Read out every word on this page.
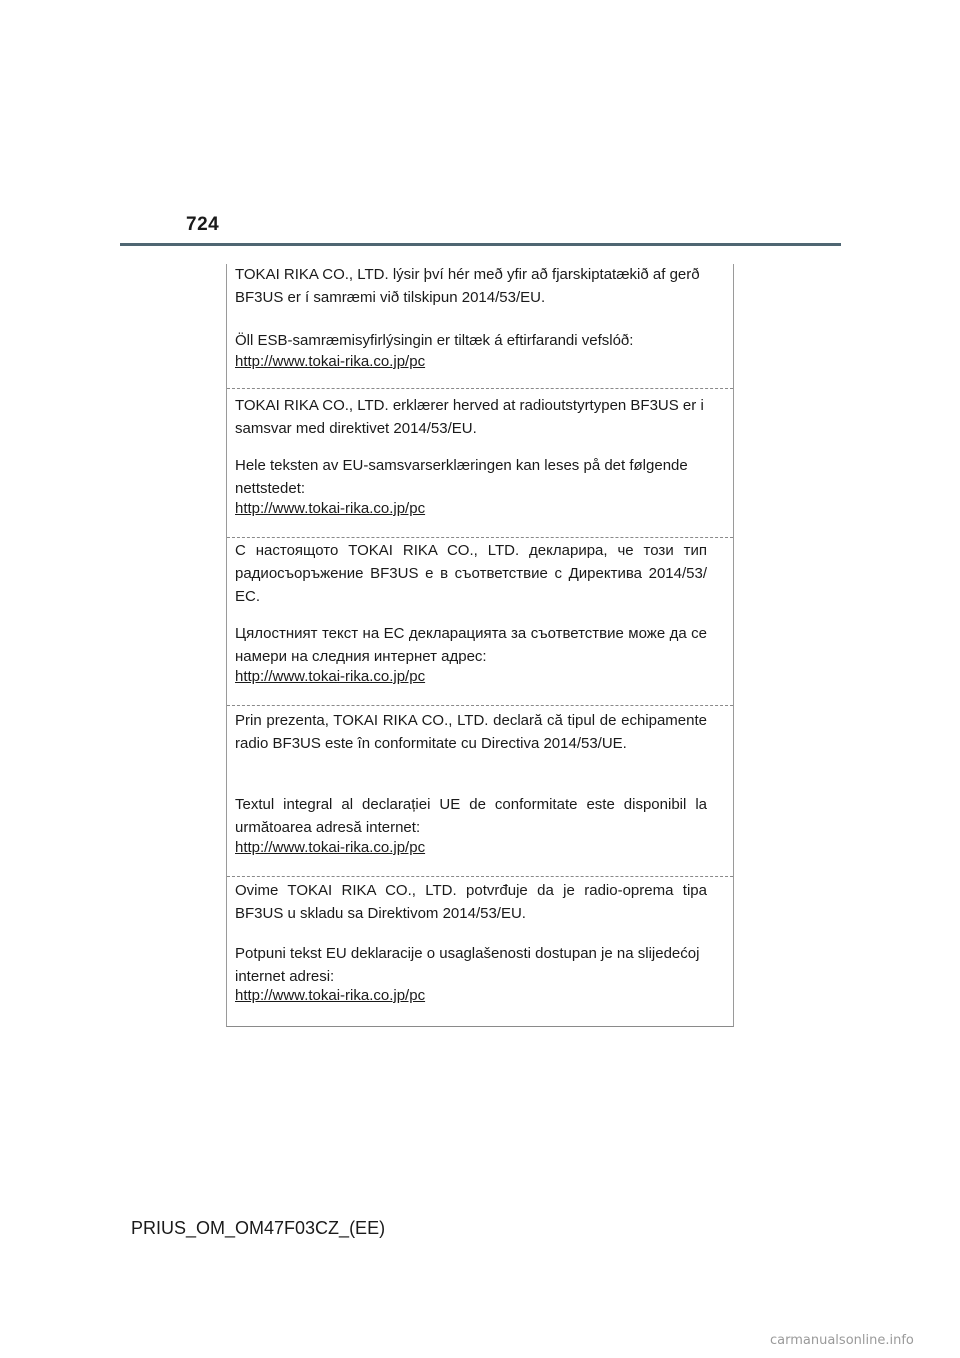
724

TOKAI RIKA CO., LTD. lýsir því hér með yfir að fjarskiptatækið af gerð BF3US er í samræmi við tilskipun 2014/53/EU.

Öll ESB-samræmisyfirlýsingin er tiltæk á eftirfarandi vefslóð:

http://www.tokai-rika.co.jp/pc

TOKAI RIKA CO., LTD. erklærer herved at radioutstyrtypen BF3US er i samsvar med direktivet 2014/53/EU.

Hele teksten av EU-samsvarserklæringen kan leses på det følgende nettstedet:

http://www.tokai-rika.co.jp/pc

С настоящото TOKAI RIKA CO., LTD. декларира, че този тип радиосъоръжение BF3US е в съответствие с Директива 2014/53/ЕС.

Цялостният текст на ЕС декларацията за съответствие може да се намери на следния интернет адрес:

http://www.tokai-rika.co.jp/pc

Prin prezenta, TOKAI RIKA CO., LTD. declară că tipul de echipamente radio BF3US este în conformitate cu Directiva 2014/53/UE.

Textul integral al declarației UE de conformitate este disponibil la următoarea adresă internet:

http://www.tokai-rika.co.jp/pc

Ovime TOKAI RIKA CO., LTD. potvrđuje da je radio-oprema tipa BF3US u skladu sa Direktivom 2014/53/EU.

Potpuni tekst EU deklaracije o usaglašenosti dostupan je na slijedećoj internet adresi:

http://www.tokai-rika.co.jp/pc
PRIUS_OM_OM47F03CZ_(EE)
carmanualsonline.info
